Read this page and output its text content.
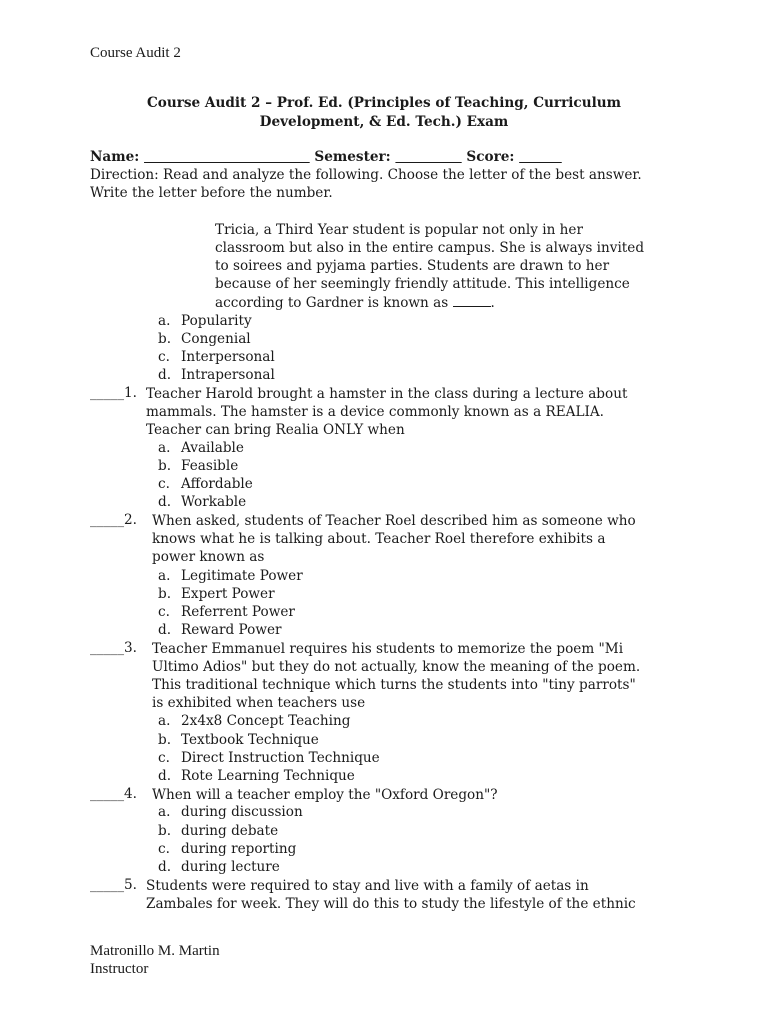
Course Audit 2
Course Audit 2 – Prof. Ed. (Principles of Teaching, Curriculum
Development, & Ed. Tech.) Exam
Name:	Semester:	Score:
Direction: Read and analyze the following. Choose the letter of the best answer.
Write the letter before the number.
Tricia, a Third Year student is popular not only in her
classroom but also in the entire campus. She is always invited
to soirees and pyjama parties. Students are drawn to her
because of her seemingly friendly attitude. This intelligence
according to Gardner is known as	.
a. Popularity
b. Congenial
c. Interpersonal
d. Intrapersonal
_____1. Teacher Harold brought a hamster in the class during a lecture about
mammals. The hamster is a device commonly known as a REALIA.
Teacher can bring Realia ONLY when
a. Available
b. Feasible
c. Affordable
d. Workable
_____2. When asked, students of Teacher Roel described him as someone who
knows what he is talking about. Teacher Roel therefore exhibits a
power known as
a. Legitimate Power
b. Expert Power
c. Referrent Power
d. Reward Power
_____3. Teacher Emmanuel requires his students to memorize the poem "Mi
Ultimo Adios" but they do not actually, know the meaning of the poem.
This traditional technique which turns the students into "tiny parrots"
is exhibited when teachers use
a. 2x4x8 Concept Teaching
b. Textbook Technique
c. Direct Instruction Technique
d. Rote Learning Technique
_____4. When will a teacher employ the "Oxford Oregon"?
a. during discussion
b. during debate
c. during reporting
d. during lecture
_____5. Students were required to stay and live with a family of aetas in
Zambales for week. They will do this to study the lifestyle of the ethnic
Matronillo M. Martin
Instructor
